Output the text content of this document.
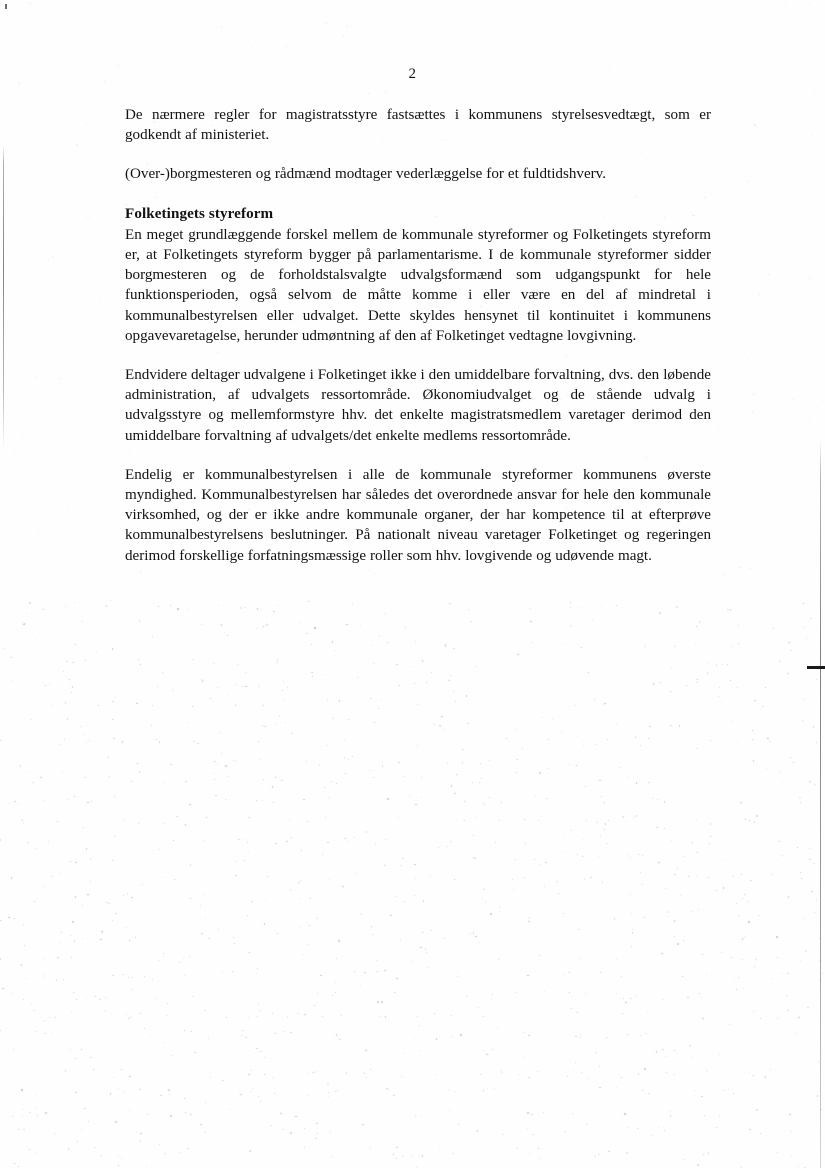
2

De nærmere regler for magistratsstyre fastsættes i kommunens styrelsesvedtægt, som er godkendt af ministeriet.

(Over-)borgmesteren og rådmænd modtager vederlæggelse for et fuldtidshverv.

Folketingets styreform

En meget grundlæggende forskel mellem de kommunale styreformer og Folketingets styreform er, at Folketingets styreform bygger på parlamentarisme. I de kommunale styreformer sidder borgmesteren og de forholdstalsvalgte udvalgsformænd som udgangspunkt for hele funktionsperioden, også selvom de måtte komme i eller være en del af mindretal i kommunalbestyrelsen eller udvalget. Dette skyldes hensynet til kontinuitet i kommunens opgavevaretagelse, herunder udmøntning af den af Folketinget vedtagne lovgivning.

Endvidere deltager udvalgene i Folketinget ikke i den umiddelbare forvaltning, dvs. den løbende administration, af udvalgets ressortområde. Økonomiudvalget og de stående udvalg i udvalgsstyre og mellemformstyre hhv. det enkelte magistratsmedlem varetager derimod den umiddelbare forvaltning af udvalgets/det enkelte medlems ressortområde.

Endelig er kommunalbestyrelsen i alle de kommunale styreformer kommunens øverste myndighed. Kommunalbestyrelsen har således det overordnede ansvar for hele den kommunale virksomhed, og der er ikke andre kommunale organer, der har kompetence til at efterprøve kommunalbestyrelsens beslutninger. På nationalt niveau varetager Folketinget og regeringen derimod forskellige forfatningsmæssige roller som hhv. lovgivende og udøvende magt.
